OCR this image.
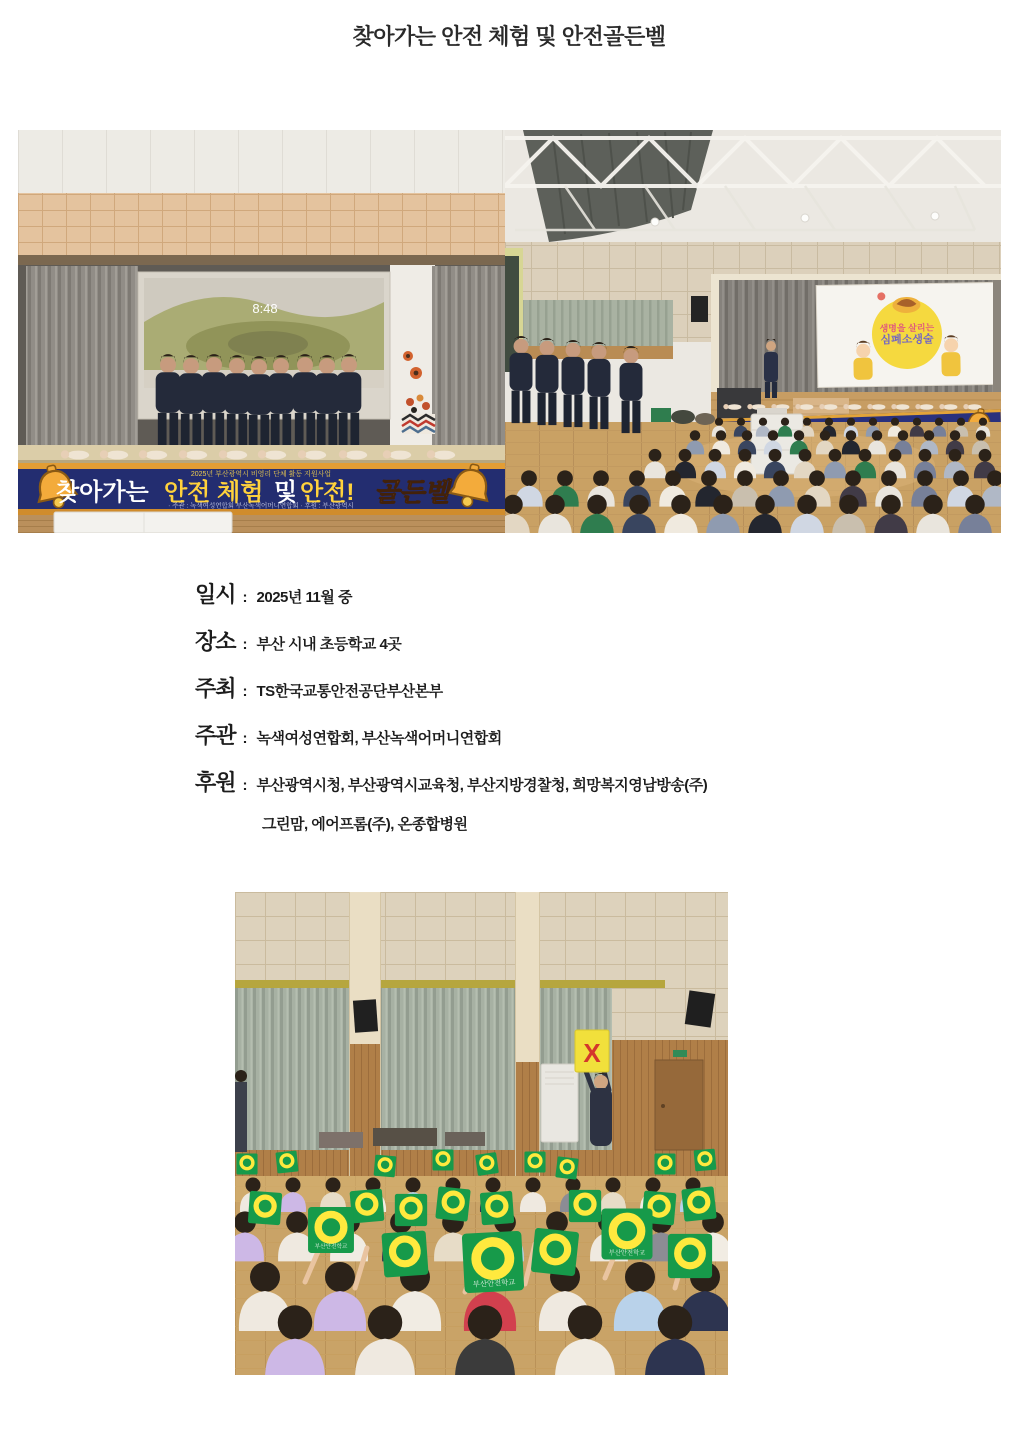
찾아가는 안전 체험 및 안전골든벨
8:48
2025년 부산광역시 비영리 단체 활동 지원사업
찾아가는 안전 체험 및 안전! 골든벨
· 주관 : 녹색여성연합회 부산녹색어머니연합회 · 후원 : 부산광역시
생명을 살리는
심폐소생술
일시 : 2025년 11월 중
장소 : 부산 시내 초등학교 4곳
주최 : TS한국교통안전공단부산본부
주관 : 녹색여성연합회, 부산녹색어머니연합회
후원 : 부산광역시청, 부산광역시교육청, 부산지방경찰청, 희망복지영남방송(주)
그린맘, 에어프롬(주), 온종합병원
X
부산안전학교
부산안전학교
부산안전학교
